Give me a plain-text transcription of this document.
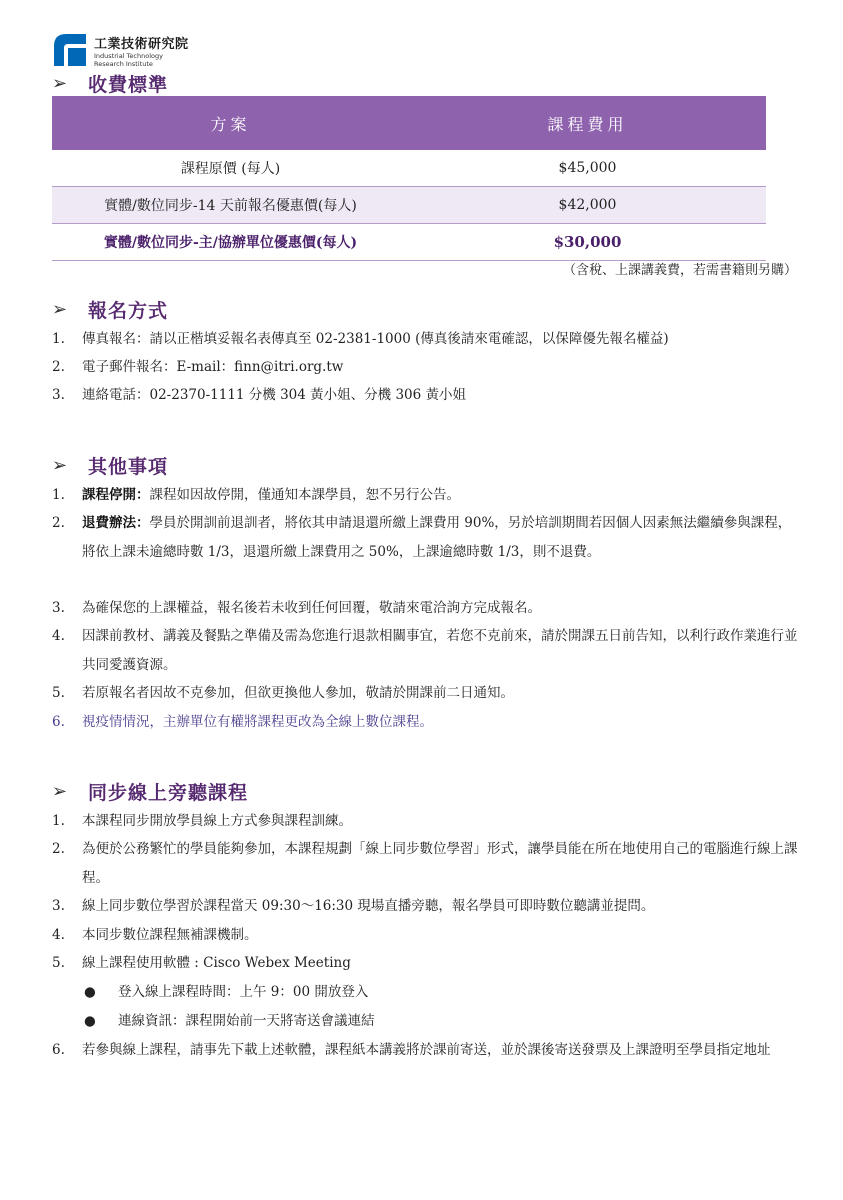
工業技術研究院
Industrial Technology
Research Institute
➢	收費標準
方案	課程費用
課程原價 (每人)	$45,000
實體/數位同步-14 天前報名優惠價(每人)	$42,000
實體/數位同步-主/協辦單位優惠價(每人)	$30,000
（含稅、上課講義費，若需書籍則另購）
➢	報名方式
1. 傳真報名：請以正楷填妥報名表傳真至 02-2381-1000 (傳真後請來電確認，以保障優先報名權益)
2. 電子郵件報名：E-mail：finn@itri.org.tw
3. 連絡電話：02-2370-1111 分機 304 黃小姐、分機 306 黃小姐
➢	其他事項
1. 課程停開：課程如因故停開，僅通知本課學員，恕不另行公告。
2. 退費辦法：學員於開訓前退訓者，將依其申請退還所繳上課費用 90%，另於培訓期間若因個人因素無法繼續參與課程，將依上課未逾總時數 1/3，退還所繳上課費用之 50%，上課逾總時數 1/3，則不退費。
3. 為確保您的上課權益，報名後若未收到任何回覆，敬請來電洽詢方完成報名。
4. 因課前教材、講義及餐點之準備及需為您進行退款相關事宜，若您不克前來，請於開課五日前告知，以利行政作業進行並共同愛護資源。
5. 若原報名者因故不克參加，但欲更換他人參加，敬請於開課前二日通知。
6. 視疫情情況，主辦單位有權將課程更改為全線上數位課程。
➢	同步線上旁聽課程
1. 本課程同步開放學員線上方式參與課程訓練。
2. 為便於公務繁忙的學員能夠參加，本課程規劃「線上同步數位學習」形式，讓學員能在所在地使用自己的電腦進行線上課程。
3. 線上同步數位學習於課程當天 09:30～16:30 現場直播旁聽，報名學員可即時數位聽講並提問。
4. 本同步數位課程無補課機制。
5. 線上課程使用軟體 : Cisco Webex Meeting
● 登入線上課程時間：上午 9：00 開放登入
● 連線資訊：課程開始前一天將寄送會議連結
6. 若參與線上課程，請事先下載上述軟體，課程紙本講義將於課前寄送，並於課後寄送發票及上課證明至學員指定地址
